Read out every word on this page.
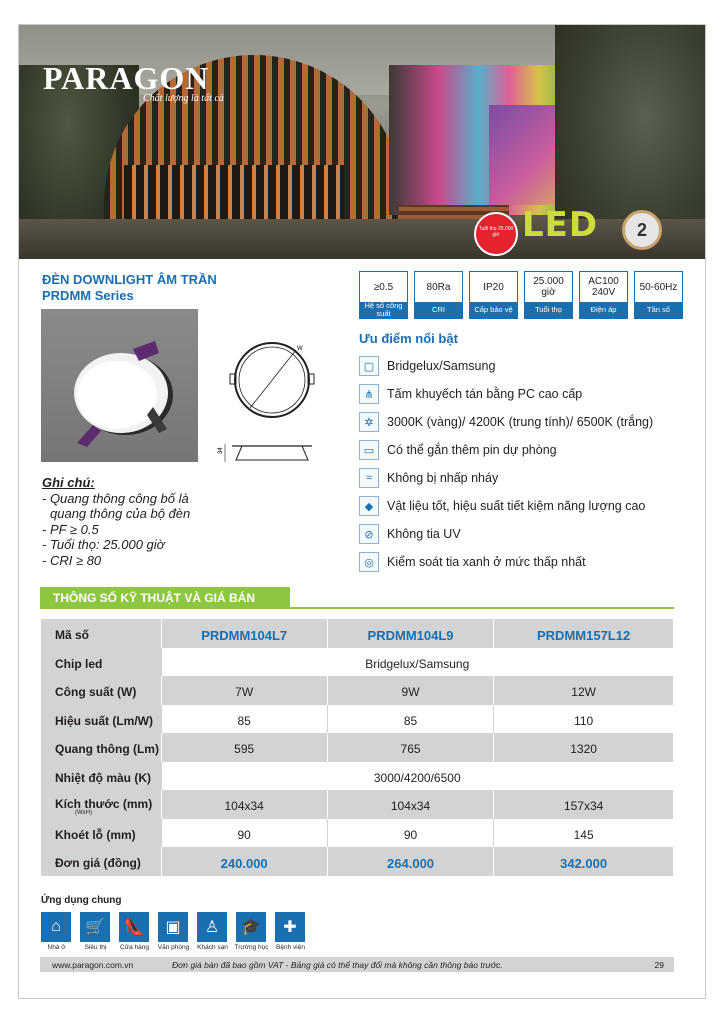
PARAGON
Chất lượng là tất cả
Tuổi thọ 25.000 giờ LED	2
ĐÈN DOWNLIGHT ÂM TRẦN
PRDMM Series
≥0.5
Hệ số công suất
80Ra
CRI
IP20
Cấp bảo vệ
25.000 giờ
Tuổi thọ
AC100 240V
Điện áp
50-60Hz
Tần số
W
34
Ghi chú:
- Quang thông công bố là
quang thông của bộ đèn
- PF ≥ 0.5
- Tuổi thọ: 25.000 giờ
- CRI ≥ 80
Ưu điểm nổi bật
▢	Bridgelux/Samsung
⋔	Tấm khuyếch tán bằng PC cao cấp
✲	3000K (vàng)/ 4200K (trung tính)/ 6500K (trắng)
▭	Có thể gắn thêm pin dự phòng
≈	Không bị nhấp nháy
◆	Vật liệu tốt, hiệu suất tiết kiệm năng lượng cao
⊘	Không tia UV
◎	Kiểm soát tia xanh ở mức thấp nhất
THÔNG SỐ KỸ THUẬT VÀ GIÁ BÁN
Mã số	PRDMM104L7	PRDMM104L9	PRDMM157L12
Chip led	Bridgelux/Samsung		
Công suất (W)	7W	9W	12W
Hiệu suất (Lm/W)	85	85	110
Quang thông (Lm)	595	765	1320
Nhiệt độ màu (K)	3000/4200/6500		
Kích thước (mm)
(WxH)	104x34	104x34	157x34
Khoét lỗ (mm)	90	90	145
Đơn giá (đồng)	240.000	264.000	342.000
Ứng dụng chung
⌂
Nhà ở
🛒
Siêu thị
👠
Cửa hàng
▣
Văn phòng
♙
Khách sạn
🎓
Trường học
✚
Bệnh viện
www.paragon.com.vn	Đơn giá bán đã bao gồm VAT - Bảng giá có thể thay đổi mà không cần thông báo trước.	29
